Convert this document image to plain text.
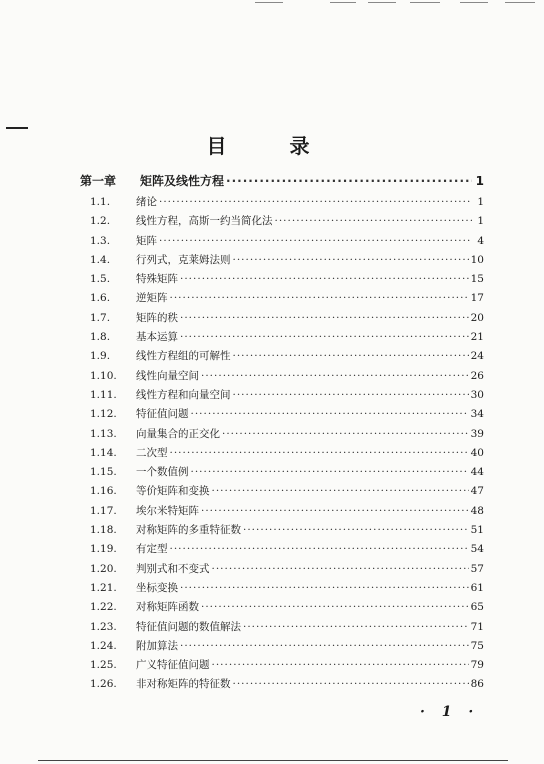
目 录
第一章	矩阵及线性方程 ·····	1
1.1.	绪论 ·····	1
1.2.	线性方程，高斯一约当简化法 ·····	1
1.3.	矩阵 ·····	4
1.4.	行列式，克莱姆法则 ·····	10
1.5.	特殊矩阵 ·····	15
1.6.	逆矩阵 ·····	17
1.7.	矩阵的秩 ·····	20
1.8.	基本运算 ·····	21
1.9.	线性方程组的可解性 ·····	24
1.10.	线性向量空间 ·····	26
1.11.	线性方程和向量空间 ·····	30
1.12.	特征值问题 ·····	34
1.13.	向量集合的正交化 ·····	39
1.14.	二次型 ·····	40
1.15.	一个数值例 ·····	44
1.16.	等价矩阵和变换 ·····	47
1.17.	埃尔米特矩阵 ·····	48
1.18.	对称矩阵的多重特征数 ·····	51
1.19.	有定型 ·····	54
1.20.	判别式和不变式 ·····	57
1.21.	坐标变换 ·····	61
1.22.	对称矩阵函数 ·····	65
1.23.	特征值问题的数值解法 ·····	71
1.24.	附加算法 ·····	75
1.25.	广义特征值问题 ·····	79
1.26.	非对称矩阵的特征数 ·····	86
· 1 ·
